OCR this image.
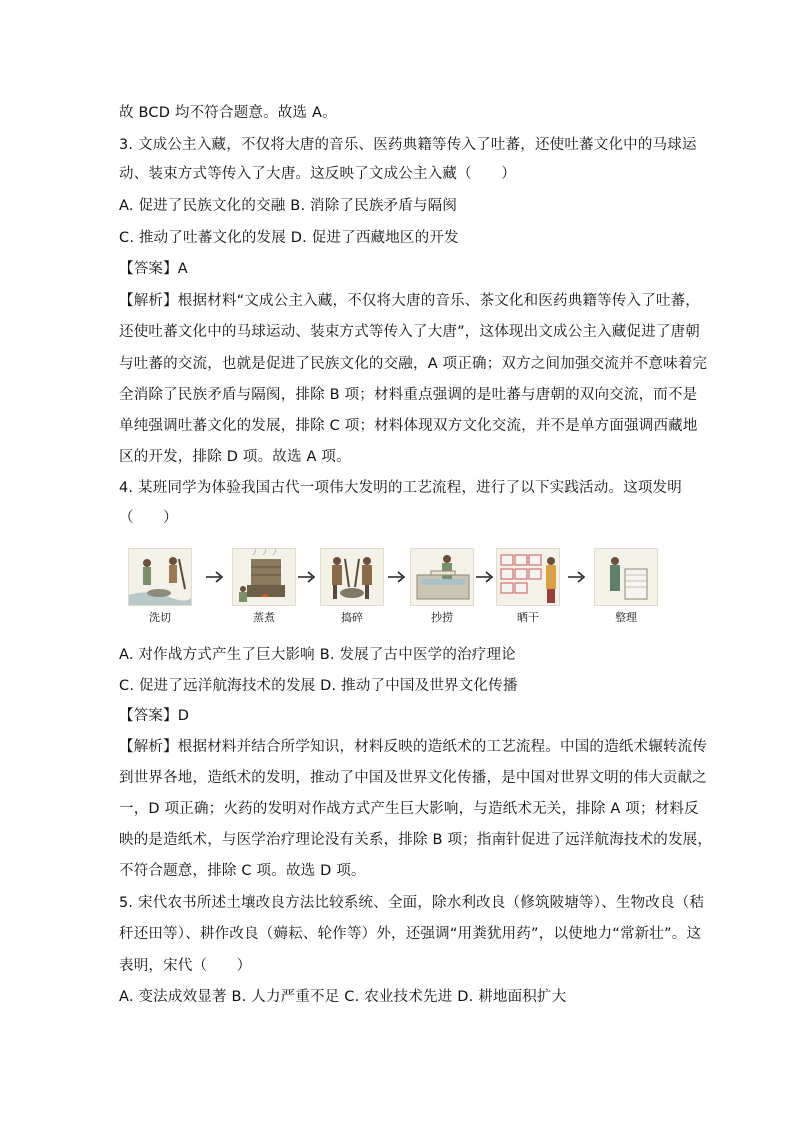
故 BCD 均不符合题意。故选 A。
3. 文成公主入藏，不仅将大唐的音乐、医药典籍等传入了吐蕃，还使吐蕃文化中的马球运
动、装束方式等传入了大唐。这反映了文成公主入藏（　　）
A. 促进了民族文化的交融 B. 消除了民族矛盾与隔阂
C. 推动了吐蕃文化的发展 D. 促进了西藏地区的开发
【答案】A
【解析】根据材料“文成公主入藏，不仅将大唐的音乐、茶文化和医药典籍等传入了吐蕃，
还使吐蕃文化中的马球运动、装束方式等传入了大唐”，这体现出文成公主入藏促进了唐朝
与吐蕃的交流，也就是促进了民族文化的交融，A 项正确；双方之间加强交流并不意味着完
全消除了民族矛盾与隔阂，排除 B 项；材料重点强调的是吐蕃与唐朝的双向交流，而不是
单纯强调吐蕃文化的发展，排除 C 项；材料体现双方文化交流，并不是单方面强调西藏地
区的开发，排除 D 项。故选 A 项。
4. 某班同学为体验我国古代一项伟大发明的工艺流程，进行了以下实践活动。这项发明
（　　）
洗切	蒸煮	捣碎	抄捞	晒干	整理
A. 对作战方式产生了巨大影响 B. 发展了古中医学的治疗理论
C. 促进了远洋航海技术的发展 D. 推动了中国及世界文化传播
【答案】D
【解析】根据材料并结合所学知识，材料反映的造纸术的工艺流程。中国的造纸术辗转流传
到世界各地，造纸术的发明，推动了中国及世界文化传播，是中国对世界文明的伟大贡献之
一，D 项正确；火药的发明对作战方式产生巨大影响，与造纸术无关，排除 A 项；材料反
映的是造纸术，与医学治疗理论没有关系，排除 B 项；指南针促进了远洋航海技术的发展，
不符合题意，排除 C 项。故选 D 项。
5. 宋代农书所述土壤改良方法比较系统、全面，除水利改良（修筑陂塘等）、生物改良（秸
秆还田等）、耕作改良（薅耘、轮作等）外，还强调“用粪犹用药”，以使地力“常新壮”。这
表明，宋代（　　）
A. 变法成效显著 B. 人力严重不足 C. 农业技术先进 D. 耕地面积扩大
